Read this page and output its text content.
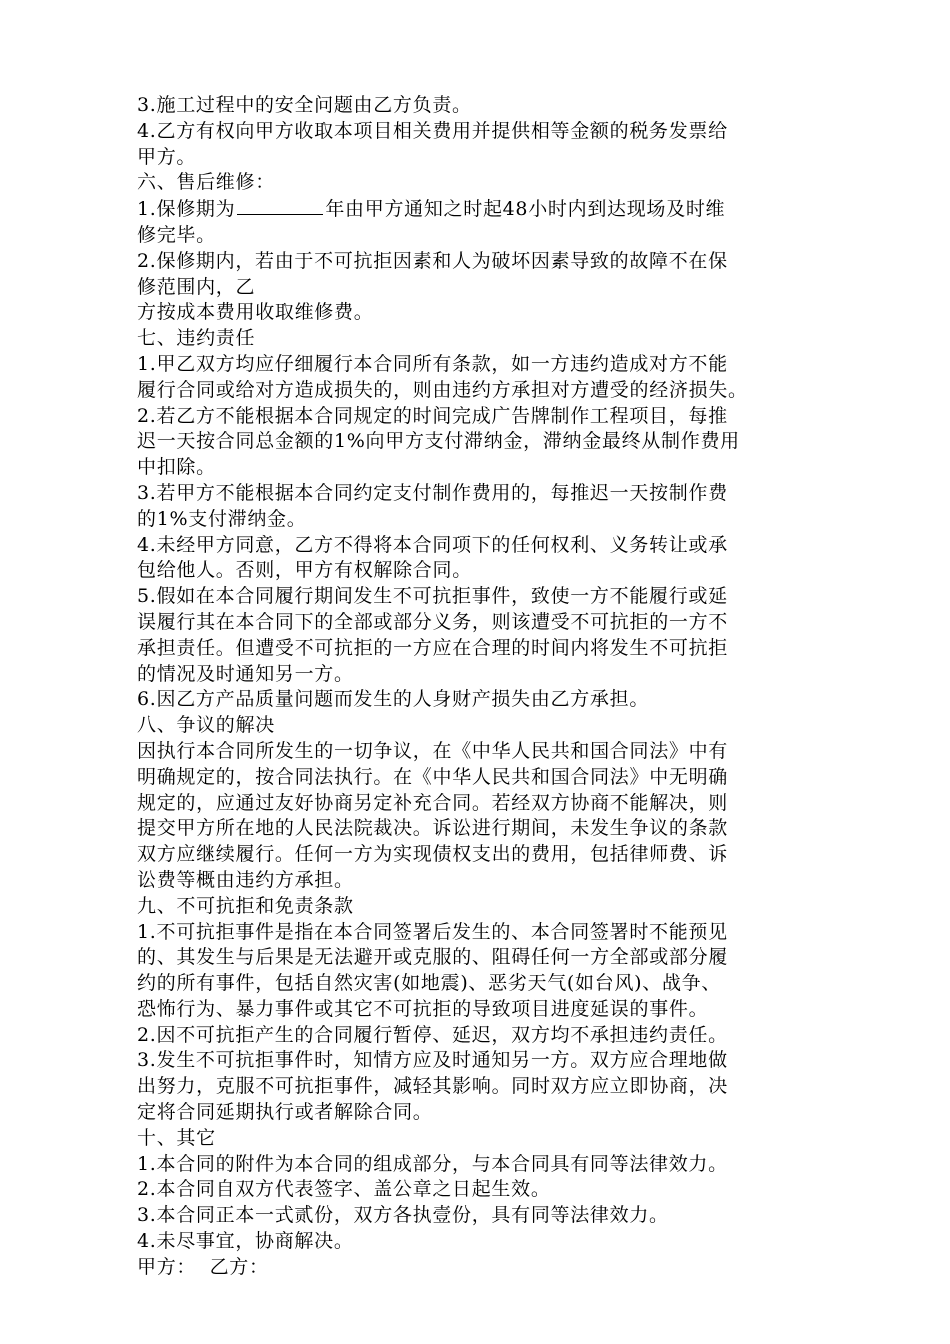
3.施工过程中的安全问题由乙方负责。
4.乙方有权向甲方收取本项目相关费用并提供相等金额的税务发票给
甲方。
六、售后维修：
1.保修期为	年由甲方通知之时起48小时内到达现场及时维
修完毕。
2.保修期内，若由于不可抗拒因素和人为破坏因素导致的故障不在保
修范围内，乙
方按成本费用收取维修费。
七、违约责任
1.甲乙双方均应仔细履行本合同所有条款，如一方违约造成对方不能
履行合同或给对方造成损失的，则由违约方承担对方遭受的经济损失。
2.若乙方不能根据本合同规定的时间完成广告牌制作工程项目，每推
迟一天按合同总金额的1%向甲方支付滞纳金，滞纳金最终从制作费用
中扣除。
3.若甲方不能根据本合同约定支付制作费用的，每推迟一天按制作费
的1%支付滞纳金。
4.未经甲方同意，乙方不得将本合同项下的任何权利、义务转让或承
包给他人。否则，甲方有权解除合同。
5.假如在本合同履行期间发生不可抗拒事件，致使一方不能履行或延
误履行其在本合同下的全部或部分义务，则该遭受不可抗拒的一方不
承担责任。但遭受不可抗拒的一方应在合理的时间内将发生不可抗拒
的情况及时通知另一方。
6.因乙方产品质量问题而发生的人身财产损失由乙方承担。
八、争议的解决
因执行本合同所发生的一切争议，在《中华人民共和国合同法》中有
明确规定的，按合同法执行。在《中华人民共和国合同法》中无明确
规定的，应通过友好协商另定补充合同。若经双方协商不能解决，则
提交甲方所在地的人民法院裁决。诉讼进行期间，未发生争议的条款
双方应继续履行。任何一方为实现债权支出的费用，包括律师费、诉
讼费等概由违约方承担。
九、不可抗拒和免责条款
1.不可抗拒事件是指在本合同签署后发生的、本合同签署时不能预见
的、其发生与后果是无法避开或克服的、阻碍任何一方全部或部分履
约的所有事件，包括自然灾害(如地震)、恶劣天气(如台风)、战争、
恐怖行为、暴力事件或其它不可抗拒的导致项目进度延误的事件。
2.因不可抗拒产生的合同履行暂停、延迟，双方均不承担违约责任。
3.发生不可抗拒事件时，知情方应及时通知另一方。双方应合理地做
出努力，克服不可抗拒事件，减轻其影响。同时双方应立即协商，决
定将合同延期执行或者解除合同。
十、其它
1.本合同的附件为本合同的组成部分，与本合同具有同等法律效力。
2.本合同自双方代表签字、盖公章之日起生效。
3.本合同正本一式贰份，双方各执壹份，具有同等法律效力。
4.未尽事宜，协商解决。
甲方： 乙方：
